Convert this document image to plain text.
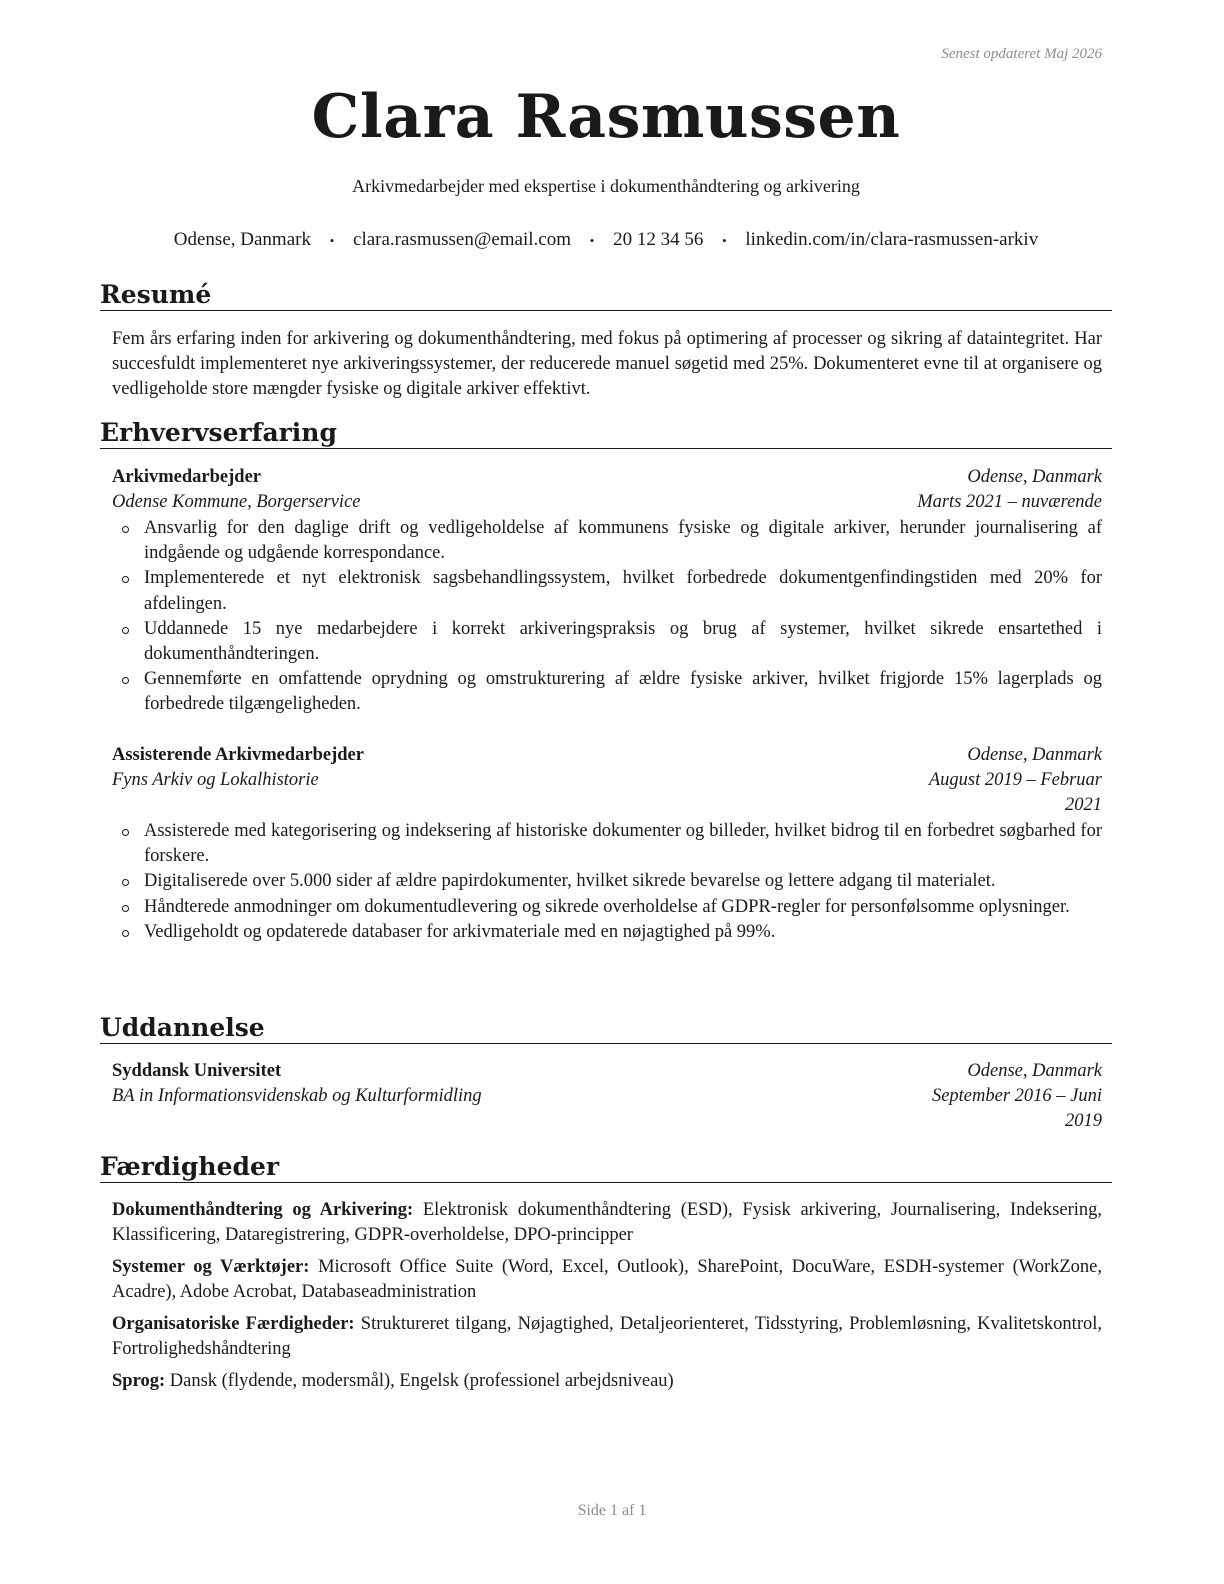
Senest opdateret Maj 2026
Clara Rasmussen
Arkivmedarbejder med ekspertise i dokumenthåndtering og arkivering
Odense, Danmark • clara.rasmussen@email.com • 20 12 34 56 • linkedin.com/in/clara-rasmussen-arkiv
Resumé
Fem års erfaring inden for arkivering og dokumenthåndtering, med fokus på optimering af processer og sikring af dataintegritet. Har succesfuldt implementeret nye arkiveringssystemer, der reducerede manuel søgetid med 25%. Dokumenteret evne til at organisere og vedligeholde store mængder fysiske og digitale arkiver effektivt.
Erhvervserfaring
Arkivmedarbejder	Odense, Danmark
Odense Kommune, Borgerservice	Marts 2021 – nuværende
Ansvarlig for den daglige drift og vedligeholdelse af kommunens fysiske og digitale arkiver, herunder journalisering af indgående og udgående korrespondance.
Implementerede et nyt elektronisk sagsbehandlingssystem, hvilket forbedrede dokumentgenfindingstiden med 20% for afdelingen.
Uddannede 15 nye medarbejdere i korrekt arkiveringspraksis og brug af systemer, hvilket sikrede ensartethed i dokumenthåndteringen.
Gennemførte en omfattende oprydning og omstrukturering af ældre fysiske arkiver, hvilket frigjorde 15% lagerplads og forbedrede tilgængeligheden.
Assisterende Arkivmedarbejder	Odense, Danmark
Fyns Arkiv og Lokalhistorie	August 2019 – Februar
2021
Assisterede med kategorisering og indeksering af historiske dokumenter og billeder, hvilket bidrog til en forbedret søgbarhed for forskere.
Digitaliserede over 5.000 sider af ældre papirdokumenter, hvilket sikrede bevarelse og lettere adgang til materialet.
Håndterede anmodninger om dokumentudlevering og sikrede overholdelse af GDPR-regler for personfølsomme oplysninger.
Vedligeholdt og opdaterede databaser for arkivmateriale med en nøjagtighed på 99%.
Uddannelse
Syddansk Universitet	Odense, Danmark
BA in Informationsvidenskab og Kulturformidling	September 2016 – Juni
2019
Færdigheder
Dokumenthåndtering og Arkivering: Elektronisk dokumenthåndtering (ESD), Fysisk arkivering, Journalisering, Indeksering, Klassificering, Dataregistrering, GDPR-overholdelse, DPO-principper
Systemer og Værktøjer: Microsoft Office Suite (Word, Excel, Outlook), SharePoint, DocuWare, ESDH-systemer (WorkZone, Acadre), Adobe Acrobat, Databaseadministration
Organisatoriske Færdigheder: Struktureret tilgang, Nøjagtighed, Detaljeorienteret, Tidsstyring, Problemløsning, Kvalitetskontrol, Fortrolighedshåndtering
Sprog: Dansk (flydende, modersmål), Engelsk (professionel arbejdsniveau)
Side 1 af 1
